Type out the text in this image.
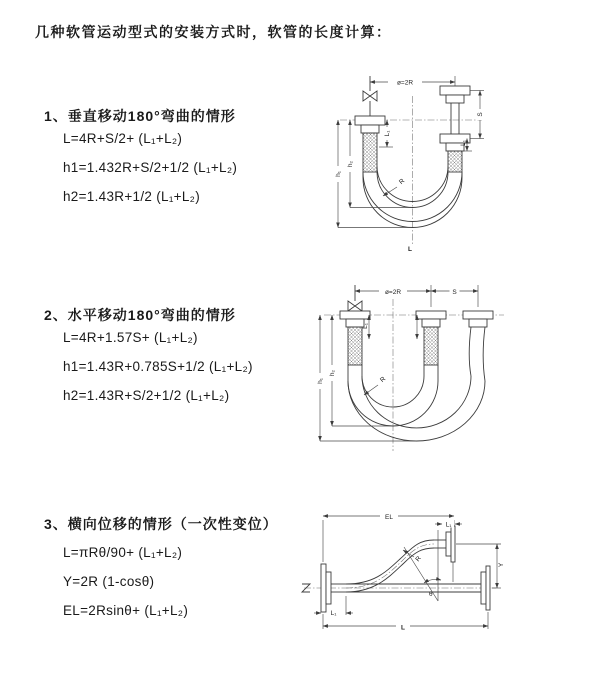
几种软管运动型式的安装方式时，软管的长度计算：
1、垂直移动180°弯曲的情形

L=4R+S/2+ (L₁+L₂)

h1=1.432R+S/2+1/2 (L₁+L₂)

h2=1.43R+1/2 (L₁+L₂)

2、水平移动180°弯曲的情形

L=4R+1.57S+ (L₁+L₂)

h1=1.43R+0.785S+1/2 (L₁+L₂)

h2=1.43R+S/2+1/2 (L₁+L₂)

3、横向位移的情形（一次性变位）

L=πRθ/90+ (L₁+L₂)

Y=2R (1-cosθ)

EL=2Rsinθ+ (L₁+L₂)

ø=2R
h₁
h₂
L₁
S
L₁
R
L
ø=2R	S
h₁
h₂
L₁
R
EL
L₁
Y
θ
R
L₁
L
